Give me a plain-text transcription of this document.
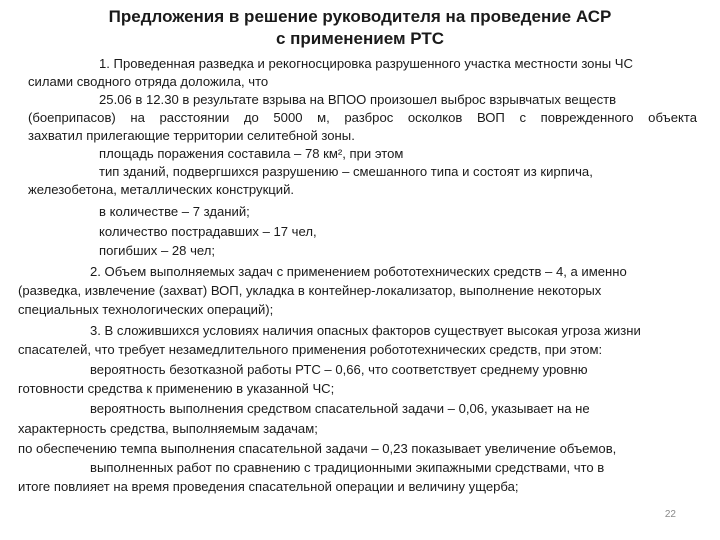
Предложения в решение руководителя на проведение АСР
с применением РТС
1. Проведенная разведка и рекогносцировка разрушенного участка местности зоны ЧС
силами сводного отряда доложила, что
25.06 в 12.30 в результате взрыва на ВПОО произошел выброс взрывчатых веществ
(боеприпасов) на расстоянии до 5000 м, разброс осколков ВОП с поврежденного объекта
захватил прилегающие территории селитебной зоны.
площадь поражения составила – 78 км², при этом
тип зданий, подвергшихся разрушению – смешанного типа и состоят из кирпича,
железобетона, металлических конструкций.
в количестве – 7 зданий;
количество пострадавших – 17 чел,
погибших – 28 чел;
2. Объем выполняемых задач с применением робототехнических средств – 4, а именно
(разведка, извлечение (захват) ВОП, укладка в контейнер-локализатор, выполнение некоторых
специальных технологических операций);
3. В сложившихся условиях наличия опасных факторов существует высокая угроза жизни
спасателей, что требует незамедлительного применения робототехнических средств, при этом:
вероятность безотказной работы РТС – 0,66, что соответствует среднему уровню
готовности средства к применению в указанной ЧС;
вероятность выполнения средством спасательной задачи – 0,06, указывает на не
характерность средства, выполняемым задачам;
по обеспечению темпа выполнения спасательной задачи – 0,23 показывает увеличение объемов,
выполненных работ по сравнению с традиционными экипажными средствами, что в
итоге повлияет на время проведения спасательной операции и величину ущерба;
22
